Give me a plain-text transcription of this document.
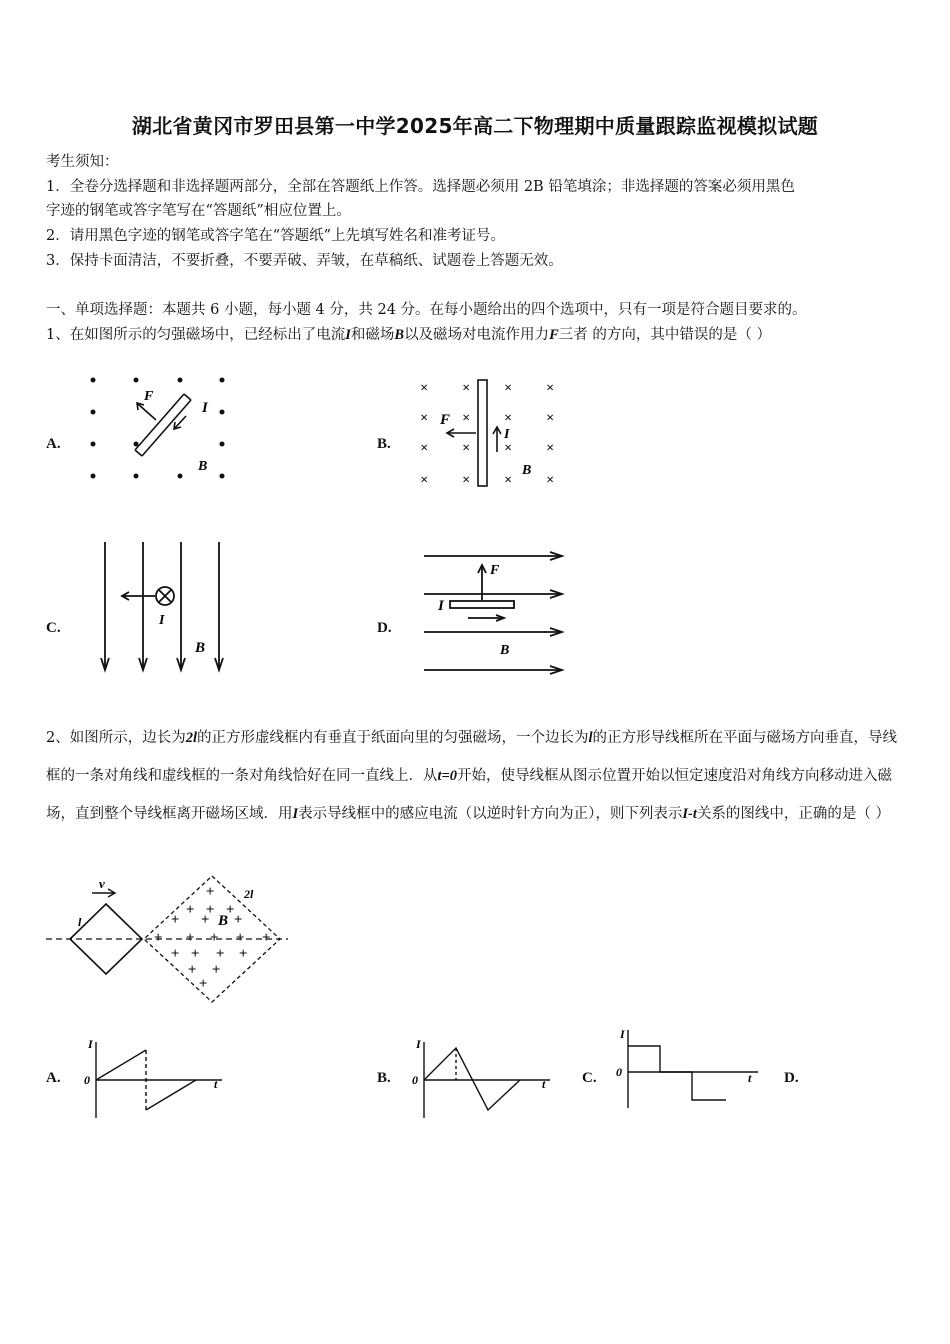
湖北省黄冈市罗田县第一中学2025年高二下物理期中质量跟踪监视模拟试题
考生须知：
1．全卷分选择题和非选择题两部分，全部在答题纸上作答。选择题必须用 2B 铅笔填涂；非选择题的答案必须用黑色
字迹的钢笔或答字笔写在“答题纸”相应位置上。
2．请用黑色字迹的钢笔或答字笔在“答题纸”上先填写姓名和准考证号。
3．保持卡面清洁，不要折叠，不要弄破、弄皱，在草稿纸、试题卷上答题无效。
一、单项选择题：本题共 6 小题，每小题 4 分，共 24 分。在每小题给出的四个选项中，只有一项是符合题目要求的。
1、在如图所示的匀强磁场中，已经标出了电流I和磁场B以及磁场对电流作用力F三者 的方向，其中错误的是（ ）
A.	B.
C.	D.
F
I
B
× × × ×
× × × ×
× × × ×
× × × ×
F
I
B
I
B
F
I
B
2、如图所示，边长为2l的正方形虚线框内有垂直于纸面向里的匀强磁场，一个边长为l的正方形导线框所在平面与磁场方向垂直，导线框的一条对角线和虚线框的一条对角线恰好在同一直线上．从t=0开始，使导线框从图示位置开始以恒定速度沿对角线方向移动进入磁场，直到整个导线框离开磁场区域．用I表示导线框中的感应电流（以逆时针方向为正），则下列表示I-t关系的图线中，正确的是（ ）
+
+ + +
+ + +
+ + + + +
+ + + +
+ +
+
v
l
2l
B
A.	B.	C.	D.
I
0	t
I
0	t
I
0	t
